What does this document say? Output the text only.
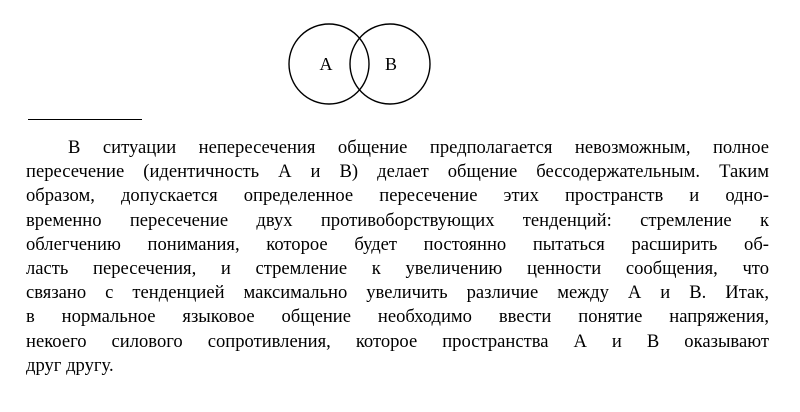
A	B
В ситуации непересечения общение предполагается невозможным, полное
пересечение (идентичность А и В) делает общение бессодержательным. Таким
образом, допускается определенное пересечение этих пространств и одно-
временно пересечение двух противоборствующих тенденций: стремление к
облегчению понимания, которое будет постоянно пытаться расширить об-
ласть пересечения, и стремление к увеличению ценности сообщения, что
связано с тенденцией максимально увеличить различие между А и В. Итак,
в нормальное языковое общение необходимо ввести понятие напряжения,
некоего силового сопротивления, которое пространства А и В оказывают
друг другу.
